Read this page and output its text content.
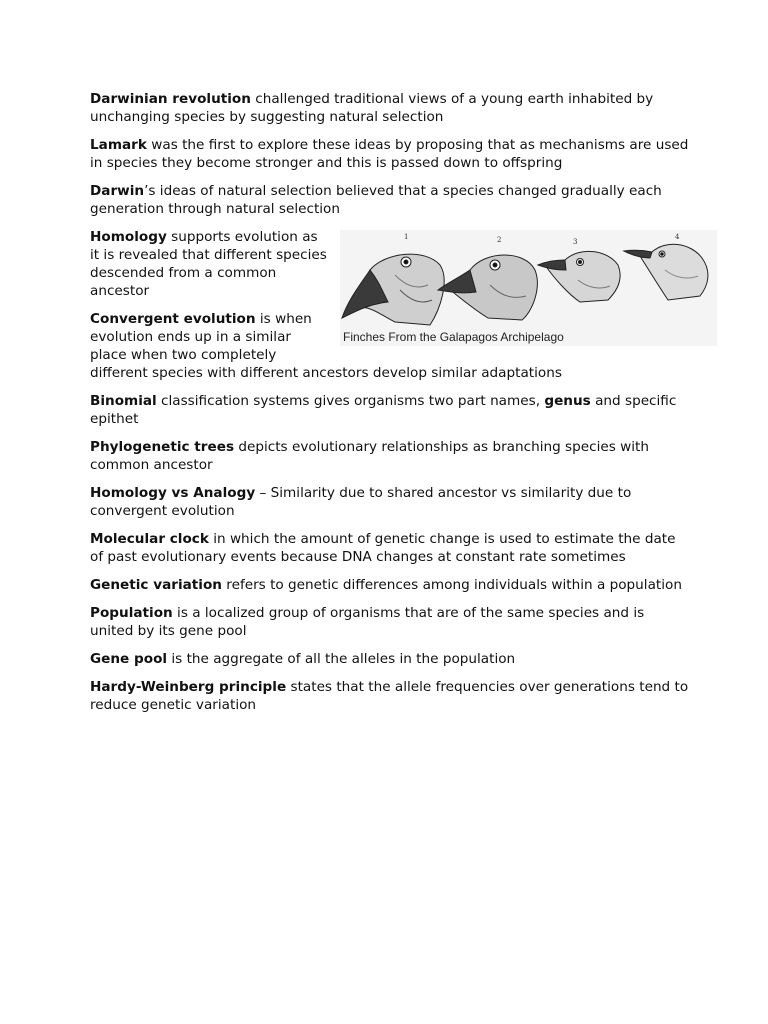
Darwinian revolution challenged traditional views of a young earth inhabited by unchanging species by suggesting natural selection

Lamark was the first to explore these ideas by proposing that as mechanisms are used in species they become stronger and this is passed down to offspring

Darwin’s ideas of natural selection believed that a species changed gradually each generation through natural selection

Homology supports evolution as it is revealed that different species descended from a common ancestor

Convergent evolution is when evolution ends up in a similar place when two completely
different species with different ancestors develop similar adaptations

Binomial classification systems gives organisms two part names, genus and specific epithet

Phylogenetic trees depicts evolutionary relationships as branching species with common ancestor

Homology vs Analogy – Similarity due to shared ancestor vs similarity due to convergent evolution

Molecular clock in which the amount of genetic change is used to estimate the date of past evolutionary events because DNA changes at constant rate sometimes

Genetic variation refers to genetic differences among individuals within a population

Population is a localized group of organisms that are of the same species and is united by its gene pool

Gene pool is the aggregate of all the alleles in the population

Hardy-Weinberg principle states that the allele frequencies over generations tend to reduce genetic variation

1	2	3
4
Finches From the Galapagos Archipelago
